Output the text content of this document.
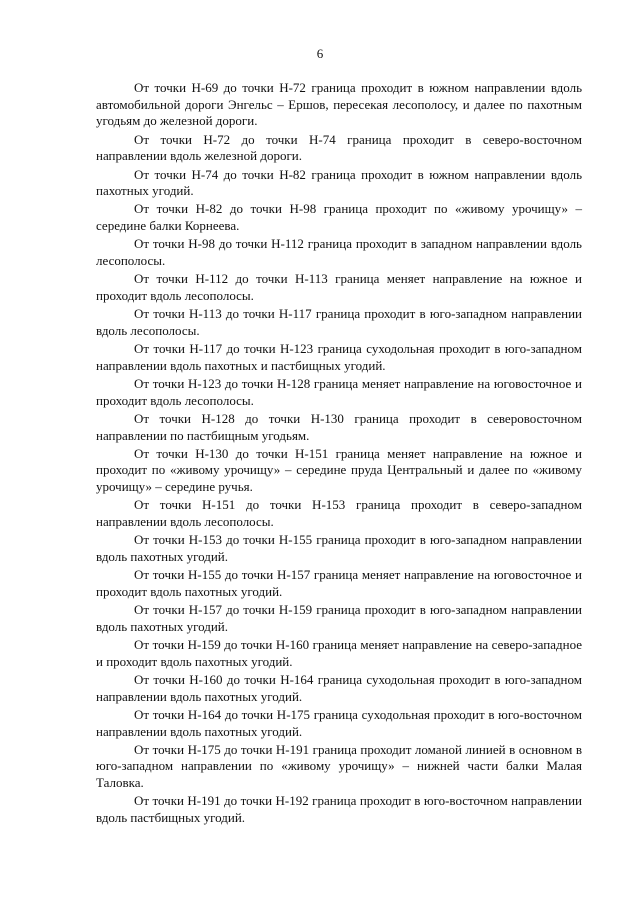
6

От точки Н-69 до точки Н-72 граница проходит в южном направлении вдоль автомобильной дороги Энгельс – Ершов, пересекая лесополосу, и далее по пахотным угодьям до железной дороги.

От точки Н-72 до точки Н-74 граница проходит в северо-восточном направлении вдоль железной дороги.

От точки Н-74 до точки Н-82 граница проходит в южном направлении вдоль пахотных угодий.

От точки Н-82 до точки Н-98 граница проходит по «живому урочищу» – середине балки Корнеева.

От точки Н-98 до точки Н-112 граница проходит в западном направлении вдоль лесополосы.

От точки Н-112 до точки Н-113 граница меняет направление на южное и проходит вдоль лесополосы.

От точки Н-113 до точки Н-117 граница проходит в юго-западном направлении вдоль лесополосы.

От точки Н-117 до точки Н-123 граница суходольная проходит в юго-западном направлении вдоль пахотных и пастбищных угодий.

От точки Н-123 до точки Н-128 граница меняет направление на юговосточное и проходит вдоль лесополосы.

От точки Н-128 до точки Н-130 граница проходит в северовосточном направлении по пастбищным угодьям.

От точки Н-130 до точки Н-151 граница меняет направление на южное и проходит по «живому урочищу» – середине пруда Центральный и далее по «живому урочищу» – середине ручья.

От точки Н-151 до точки Н-153 граница проходит в северо-западном направлении вдоль лесополосы.

От точки Н-153 до точки Н-155 граница проходит в юго-западном направлении вдоль пахотных угодий.

От точки Н-155 до точки Н-157 граница меняет направление на юговосточное и проходит вдоль пахотных угодий.

От точки Н-157 до точки Н-159 граница проходит в юго-западном направлении вдоль пахотных угодий.

От точки Н-159 до точки Н-160 граница меняет направление на северо-западное и проходит вдоль пахотных угодий.

От точки Н-160 до точки Н-164 граница суходольная проходит в юго-западном направлении вдоль пахотных угодий.

От точки Н-164 до точки Н-175 граница суходольная проходит в юго-восточном направлении вдоль пахотных угодий.

От точки Н-175 до точки Н-191 граница проходит ломаной линией в основном в юго-западном направлении по «живому урочищу» – нижней части балки Малая Таловка.

От точки Н-191 до точки Н-192 граница проходит в юго-восточном направлении вдоль пастбищных угодий.
